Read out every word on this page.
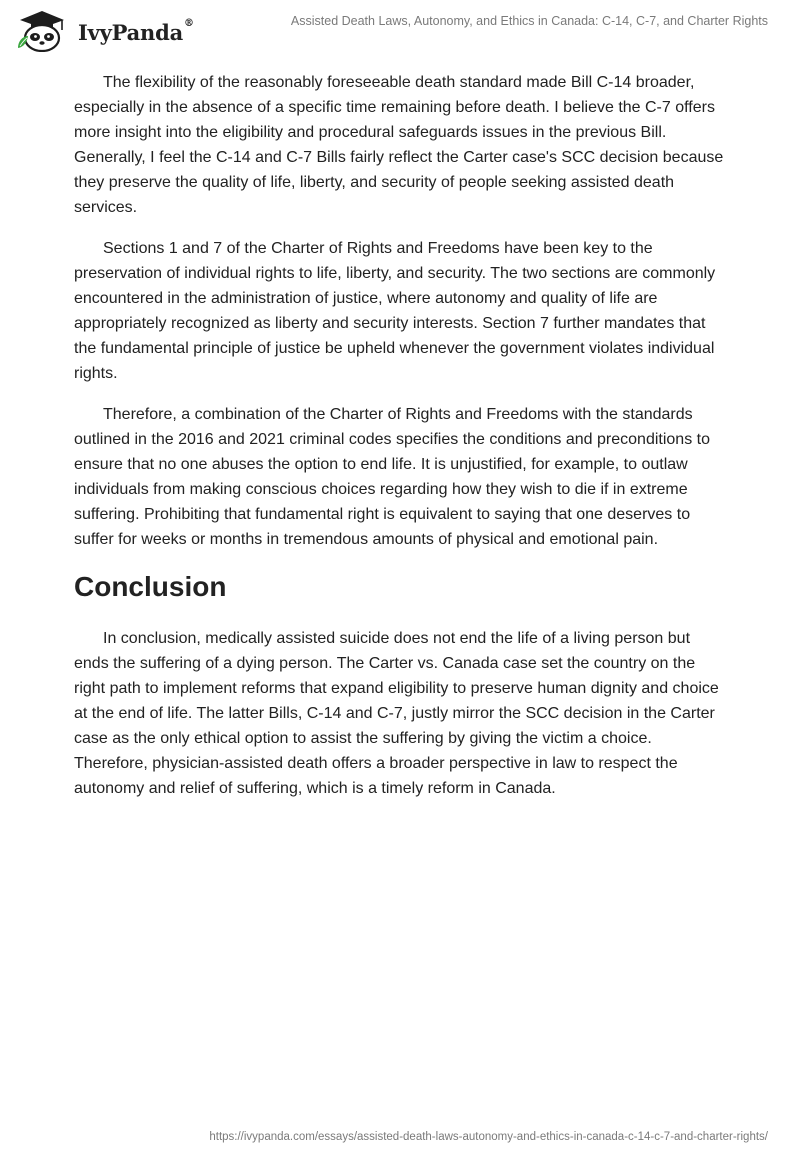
IvyPanda®	Assisted Death Laws, Autonomy, and Ethics in Canada: C-14, C-7, and Charter Rights

The flexibility of the reasonably foreseeable death standard made Bill C-14 broader, especially in the absence of a specific time remaining before death. I believe the C-7 offers more insight into the eligibility and procedural safeguards issues in the previous Bill. Generally, I feel the C-14 and C-7 Bills fairly reflect the Carter case's SCC decision because they preserve the quality of life, liberty, and security of people seeking assisted death services.

Sections 1 and 7 of the Charter of Rights and Freedoms have been key to the preservation of individual rights to life, liberty, and security. The two sections are commonly encountered in the administration of justice, where autonomy and quality of life are appropriately recognized as liberty and security interests. Section 7 further mandates that the fundamental principle of justice be upheld whenever the government violates individual rights.

Therefore, a combination of the Charter of Rights and Freedoms with the standards outlined in the 2016 and 2021 criminal codes specifies the conditions and preconditions to ensure that no one abuses the option to end life. It is unjustified, for example, to outlaw individuals from making conscious choices regarding how they wish to die if in extreme suffering. Prohibiting that fundamental right is equivalent to saying that one deserves to suffer for weeks or months in tremendous amounts of physical and emotional pain.

Conclusion

In conclusion, medically assisted suicide does not end the life of a living person but ends the suffering of a dying person. The Carter vs. Canada case set the country on the right path to implement reforms that expand eligibility to preserve human dignity and choice at the end of life. The latter Bills, C-14 and C-7, justly mirror the SCC decision in the Carter case as the only ethical option to assist the suffering by giving the victim a choice. Therefore, physician-assisted death offers a broader perspective in law to respect the autonomy and relief of suffering, which is a timely reform in Canada.

https://ivypanda.com/essays/assisted-death-laws-autonomy-and-ethics-in-canada-c-14-c-7-and-charter-rights/
